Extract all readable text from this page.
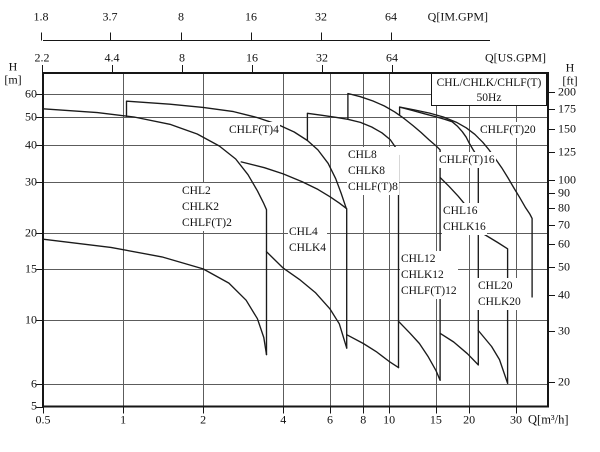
0.5	1	2	4	6 8 10	15 20	30 Q[m³/h]
5
6
10
15
20
30
40
50
60
H
[m]
20
30
40
50
60
70
80
90
100
125
150
175
200
H
[ft]
2.2	4.4	8	16	32	64	Q[US.GPM]
1.8	3.7	8	16	32	64	Q[IM.GPM]
CHL2
CHLK2
CHLF(T)2
CHLF(T)4
CHL4
CHLK4
CHL8
CHLK8
CHLF(T)8
CHL12
CHLK12
CHLF(T)12
CHLF(T)16
CHL16
CHLK16
CHLF(T)20
CHL20
CHLK20
CHL/CHLK/CHLF(T)
50Hz
